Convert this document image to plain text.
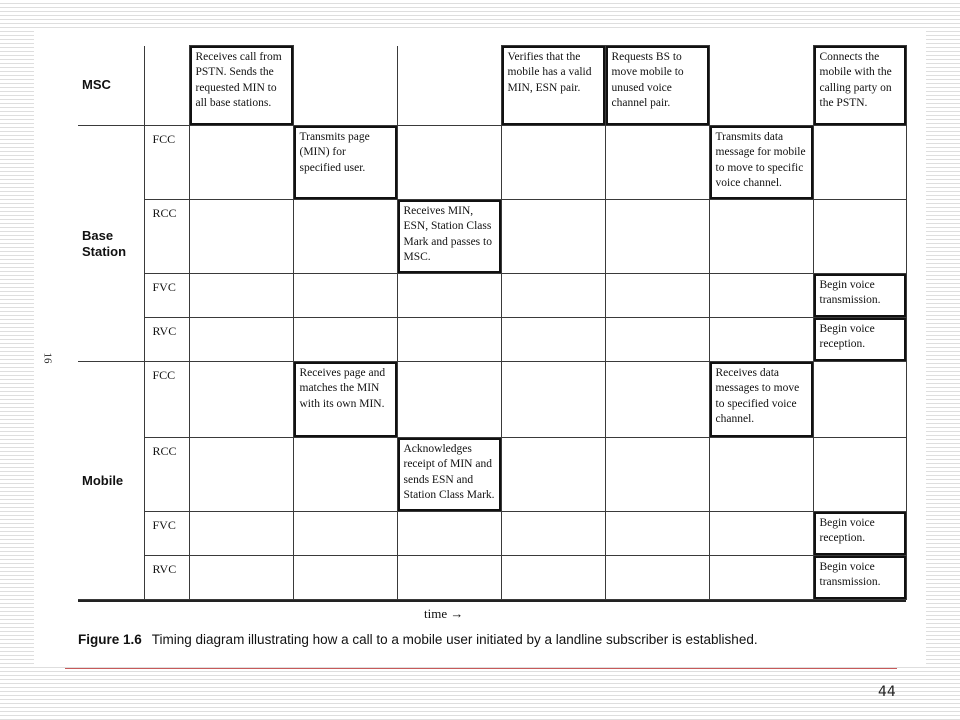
MSC		Receives call from
PSTN. Sends the
requested MIN to
all base stations.			Verifies that the
mobile has a valid
MIN, ESN pair.	Requests BS to
move mobile to
unused voice
channel pair.		Connects the
mobile with the
calling party on
the PSTN.

Base
Station	FCC		Transmits page
(MIN) for
specified user.				Transmits data
message for mobile
to move to specific
voice channel.	

	RCC			Receives MIN,
ESN, Station Class
Mark and passes to
MSC.				

	FVC							Begin voice
transmission.

	RVC							Begin voice
reception.

Mobile	FCC		Receives page and
matches the MIN
with its own MIN.				Receives data
messages to move
to specified voice
channel.	

	RCC			Acknowledges
receipt of MIN and
sends ESN and
Station Class Mark.				

	FVC							Begin voice
reception.

	RVC							Begin voice
transmission.
time →
Figure 1.6 Timing diagram illustrating how a call to a mobile user initiated by a landline subscriber is established.
16
44
